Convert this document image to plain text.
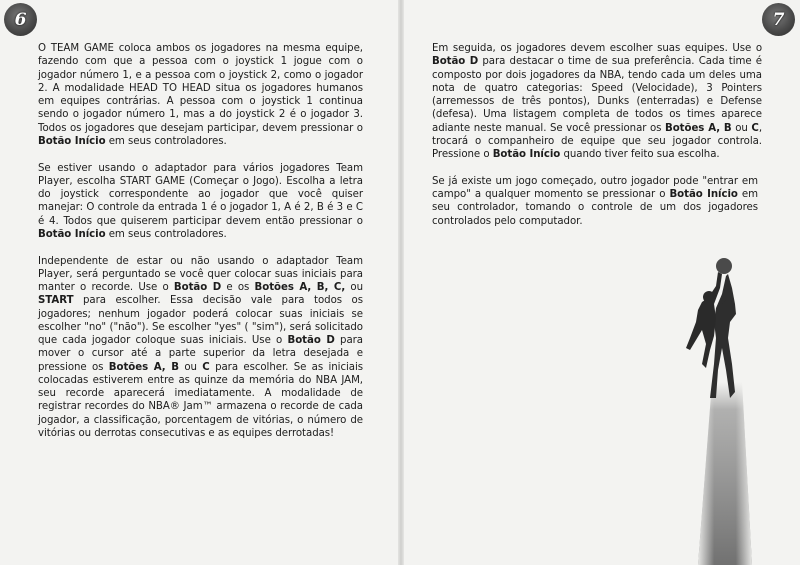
6	7

O TEAM GAME coloca ambos os jogadores na mesma equipe, fazendo com que a pessoa com o joystick 1 jogue com o jogador número 1, e a pessoa com o joystick 2, como o jogador 2. A modalidade HEAD TO HEAD situa os jogadores humanos em equipes contrárias. A pessoa com o joystick 1 continua sendo o jogador número 1, mas a do joystick 2 é o jogador 3. Todos os jogadores que desejam participar, devem pressionar o Botão Início em seus controladores.

Se estiver usando o adaptador para vários jogadores Team Player, escolha START GAME (Começar o Jogo). Escolha a letra do joystick correspondente ao jogador que você quiser manejar: O controle da entrada 1 é o jogador 1, A é 2, B é 3 e C é 4. Todos que quiserem participar devem então pressionar o Botão Início em seus controladores.

Independente de estar ou não usando o adaptador Team Player, será perguntado se você quer colocar suas iniciais para manter o recorde. Use o Botão D e os Botões A, B, C, ou START para escolher. Essa decisão vale para todos os jogadores; nenhum jogador poderá colocar suas iniciais se escolher "no" ("não"). Se escolher "yes" ( "sim"), será solicitado que cada jogador coloque suas iniciais. Use o Botão D para mover o cursor até a parte superior da letra desejada e pressione os Botões A, B ou C para escolher. Se as iniciais colocadas estiverem entre as quinze da memória do NBA JAM, seu recorde aparecerá imediatamente. A modalidade de registrar recordes do NBA® Jam™ armazena o recorde de cada jogador, a classificação, porcentagem de vitórias, o número de vitórias ou derrotas consecutivas e as equipes derrotadas!

Em seguida, os jogadores devem escolher suas equipes. Use o Botão D para destacar o time de sua preferência. Cada time é composto por dois jogadores da NBA, tendo cada um deles uma nota de quatro categorias: Speed (Velocidade), 3 Pointers (arremessos de três pontos), Dunks (enterradas) e Defense (defesa). Uma listagem completa de todos os times aparece adiante neste manual. Se você pressionar os Botões A, B ou C, trocará o companheiro de equipe que seu jogador controla. Pressione o Botão Início quando tiver feito sua escolha.

Se já existe um jogo começado, outro jogador pode "entrar em campo" a qualquer momento se pressionar o Botão Início em seu controlador, tomando o controle de um dos jogadores controlados pelo computador.
